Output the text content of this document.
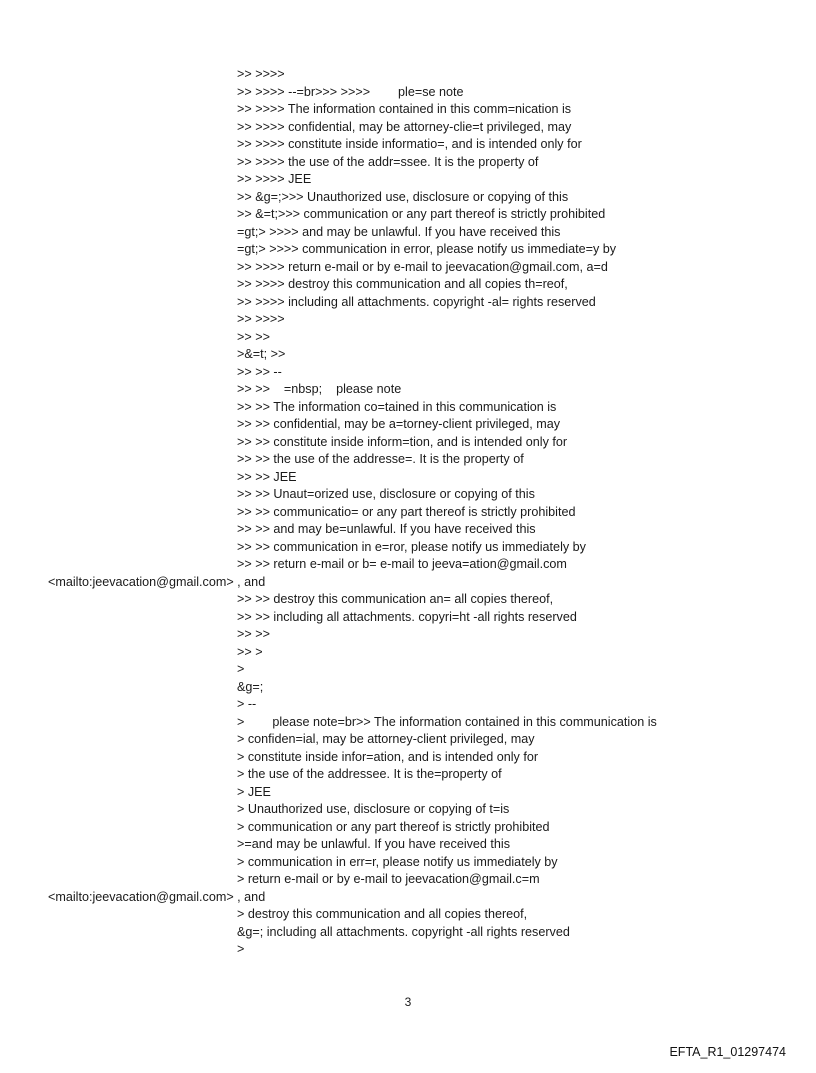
>> >>>>
>> >>>> --=br>>> >>>>        ple=se note
>> >>>> The information contained in this comm=nication is
>> >>>> confidential, may be attorney-clie=t privileged, may
>> >>>> constitute inside informatio=, and is intended only for
>> >>>> the use of the addr=ssee. It is the property of
>> >>>> JEE
>> &g=;>>> Unauthorized use, disclosure or copying of this
>> &=t;>>> communication or any part thereof is strictly prohibited
=gt;> >>>> and may be unlawful. If you have received this
=gt;> >>>> communication in error, please notify us immediate=y by
>> >>>> return e-mail or by e-mail to jeevacation@gmail.com, a=d
>> >>>> destroy this communication and all copies th=reof,
>> >>>> including all attachments. copyright -al= rights reserved
>> >>>>
>> >>
>&=t; >>
>> >> --
>> >>    =nbsp;    please note
>> >> The information co=tained in this communication is
>> >> confidential, may be a=torney-client privileged, may
>> >> constitute inside inform=tion, and is intended only for
>> >> the use of the addresse=. It is the property of
>> >> JEE
>> >> Unaut=orized use, disclosure or copying of this
>> >> communicatio= or any part thereof is strictly prohibited
>> >> and may be=unlawful. If you have received this
>> >> communication in e=ror, please notify us immediately by
>> >> return e-mail or b= e-mail to jeeva=ation@gmail.com
<mailto:jeevacation@gmail.com> , and
>> >> destroy this communication an= all copies thereof,
>> >> including all attachments. copyri=ht -all rights reserved
>> >>
>> >
>
&g=;
> --
>        please note=br>> The information contained in this communication is
> confiden=ial, may be attorney-client privileged, may
> constitute inside infor=ation, and is intended only for
> the use of the addressee. It is the=property of
> JEE
> Unauthorized use, disclosure or copying of t=is
> communication or any part thereof is strictly prohibited
>=and may be unlawful. If you have received this
> communication in err=r, please notify us immediately by
> return e-mail or by e-mail to jeevacation@gmail.c=m
<mailto:jeevacation@gmail.com> , and
> destroy this communication and all copies thereof,
&g=; including all attachments. copyright -all rights reserved
>
3
EFTA_R1_01297474
